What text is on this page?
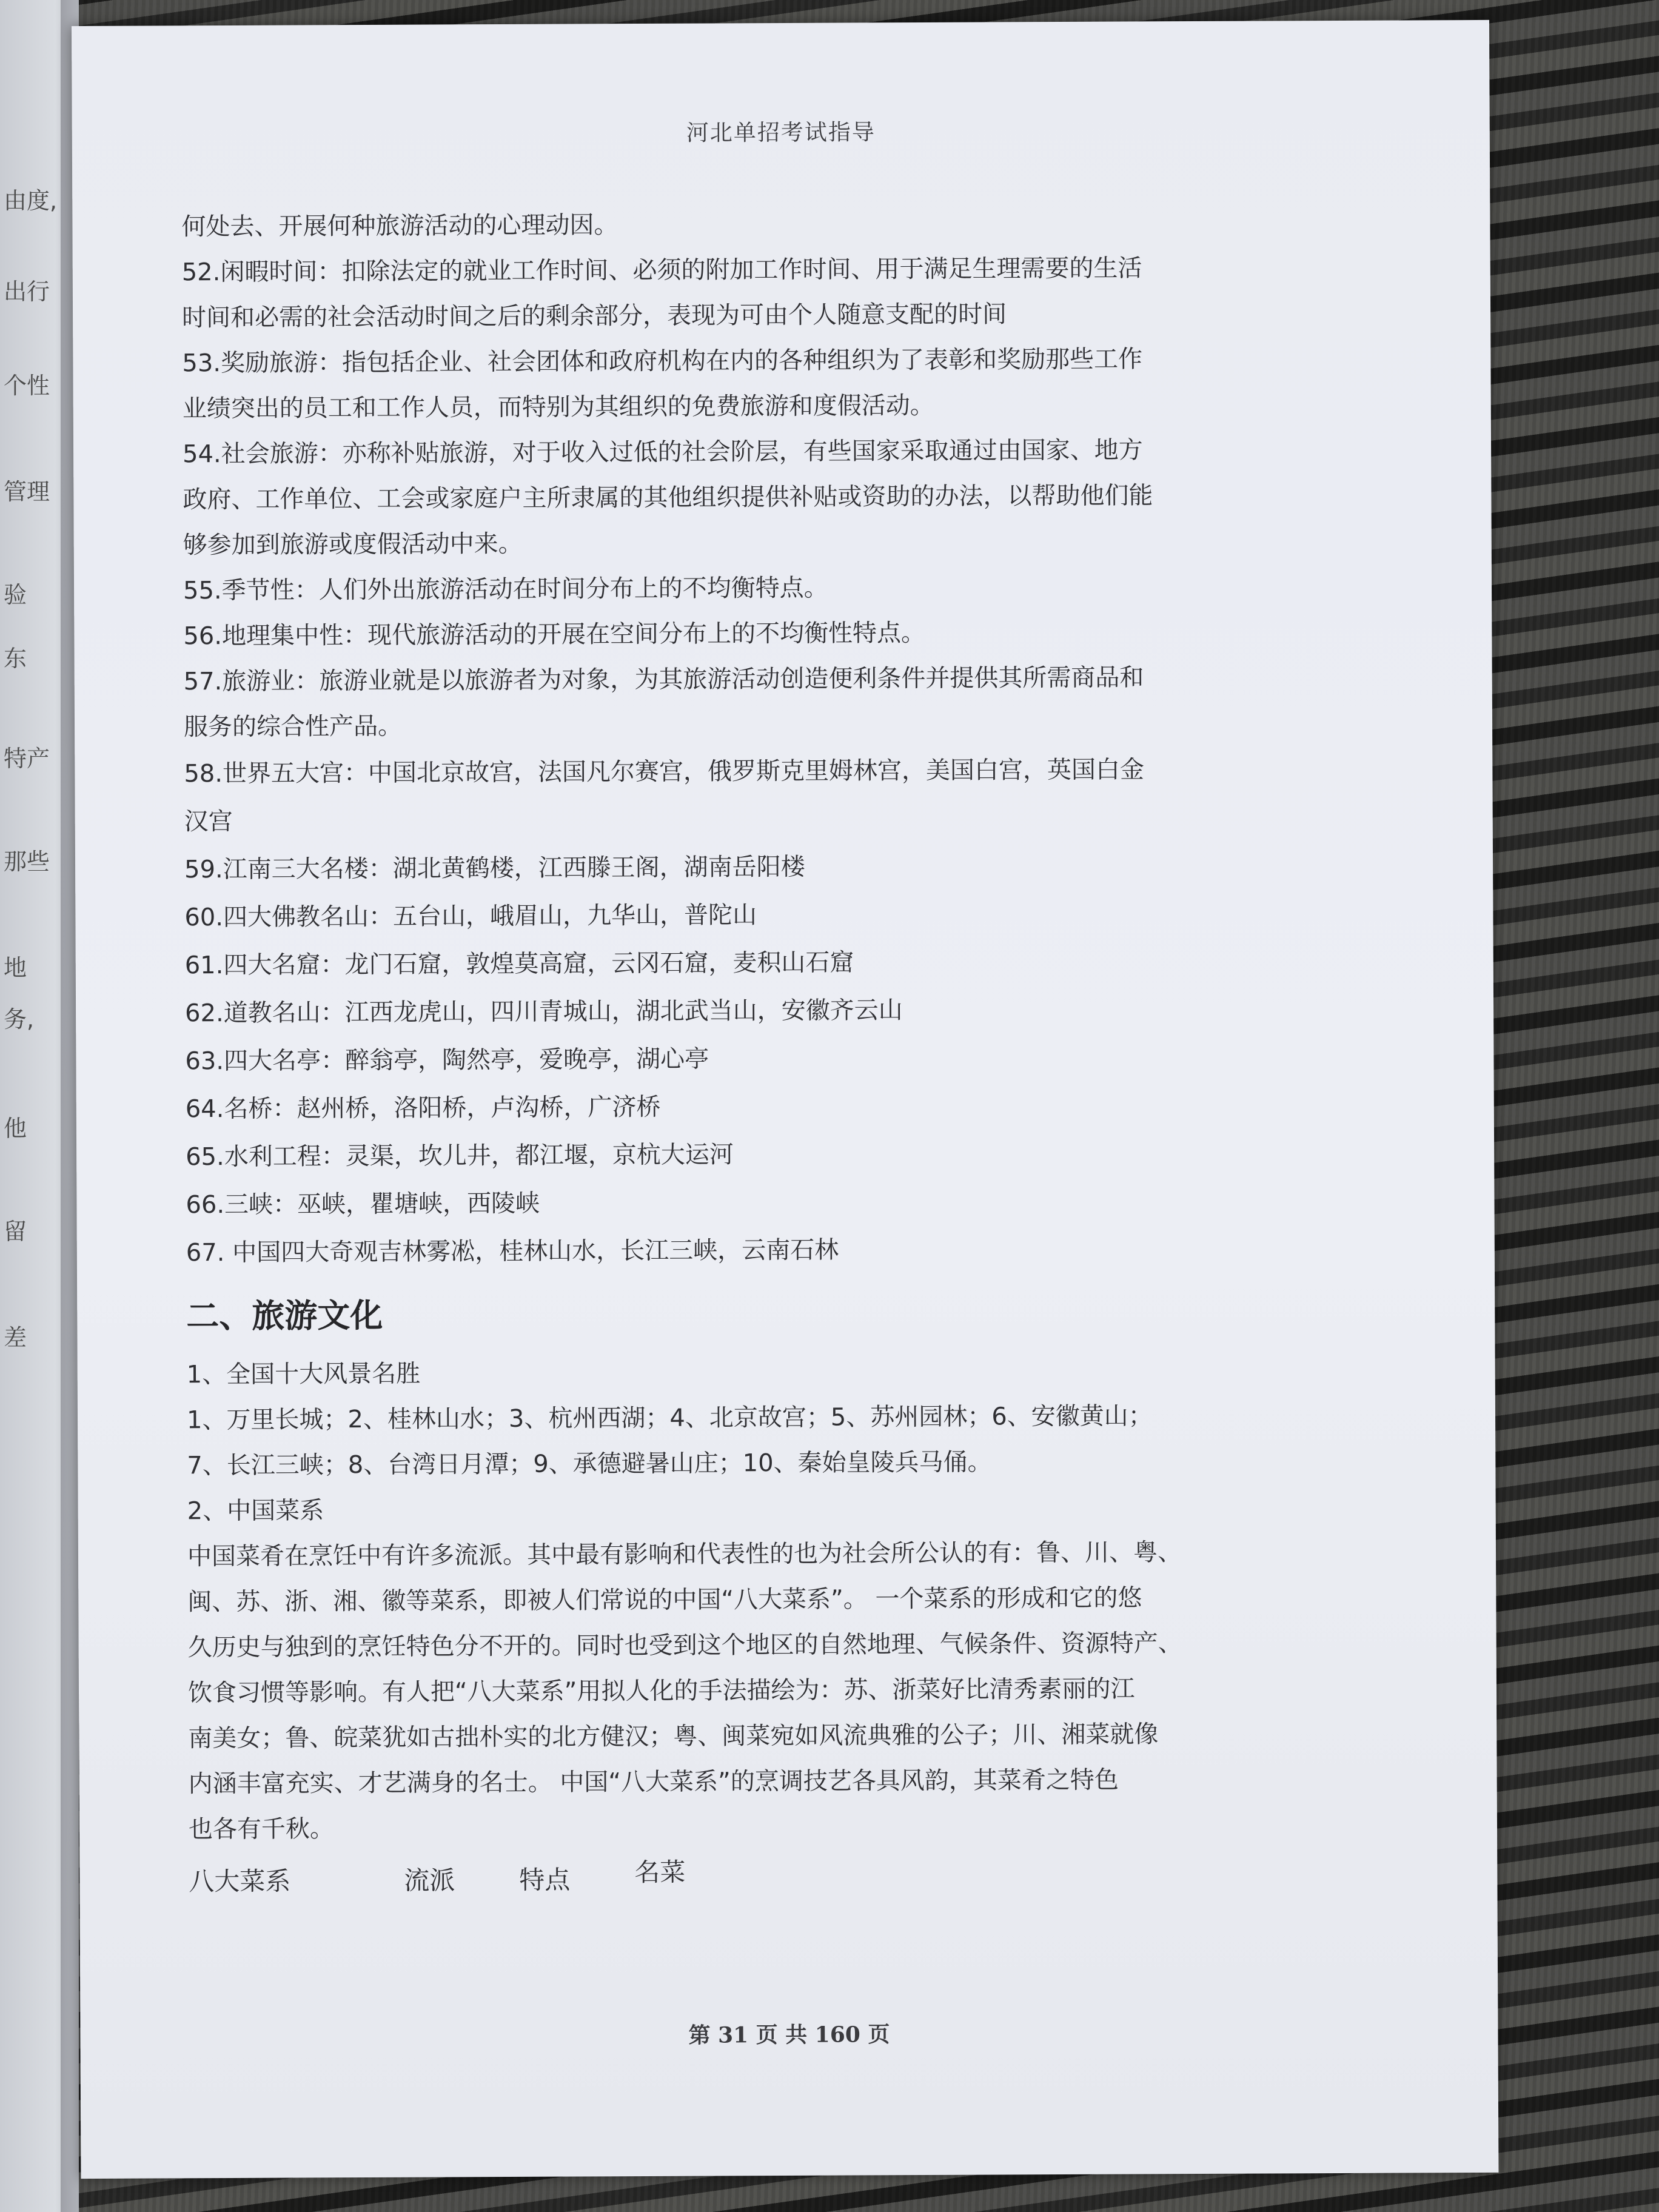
由度,
出行
个性
管理
验
东
特产
那些
地
务,
他
留
差
河北单招考试指导
何处去、开展何种旅游活动的心理动因。
52.闲暇时间：扣除法定的就业工作时间、必须的附加工作时间、用于满足生理需要的生活
时间和必需的社会活动时间之后的剩余部分，表现为可由个人随意支配的时间
53.奖励旅游：指包括企业、社会团体和政府机构在内的各种组织为了表彰和奖励那些工作
业绩突出的员工和工作人员，而特别为其组织的免费旅游和度假活动。
54.社会旅游：亦称补贴旅游，对于收入过低的社会阶层，有些国家采取通过由国家、地方
政府、工作单位、工会或家庭户主所隶属的其他组织提供补贴或资助的办法，以帮助他们能
够参加到旅游或度假活动中来。
55.季节性：人们外出旅游活动在时间分布上的不均衡特点。
56.地理集中性：现代旅游活动的开展在空间分布上的不均衡性特点。
57.旅游业：旅游业就是以旅游者为对象，为其旅游活动创造便利条件并提供其所需商品和
服务的综合性产品。
58.世界五大宫：中国北京故宫，法国凡尔赛宫，俄罗斯克里姆林宫，美国白宫，英国白金
汉宫
59.江南三大名楼：湖北黄鹤楼，江西滕王阁，湖南岳阳楼
60.四大佛教名山：五台山，峨眉山，九华山，普陀山
61.四大名窟：龙门石窟，敦煌莫高窟，云冈石窟，麦积山石窟
62.道教名山：江西龙虎山，四川青城山，湖北武当山，安徽齐云山
63.四大名亭：醉翁亭，陶然亭，爱晚亭，湖心亭
64.名桥：赵州桥，洛阳桥，卢沟桥，广济桥
65.水利工程：灵渠，坎儿井，都江堰，京杭大运河
66.三峡：巫峡，瞿塘峡，西陵峡
67. 中国四大奇观吉林雾凇，桂林山水，长江三峡，云南石林
二、旅游文化
1、全国十大风景名胜
1、万里长城；2、桂林山水；3、杭州西湖；4、北京故宫；5、苏州园林；6、安徽黄山；
7、长江三峡；8、台湾日月潭；9、承德避暑山庄；10、秦始皇陵兵马俑。
2、中国菜系
中国菜肴在烹饪中有许多流派。其中最有影响和代表性的也为社会所公认的有：鲁、川、粤、
闽、苏、浙、湘、徽等菜系，即被人们常说的中国“八大菜系”。 一个菜系的形成和它的悠
久历史与独到的烹饪特色分不开的。同时也受到这个地区的自然地理、气候条件、资源特产、
饮食习惯等影响。有人把“八大菜系”用拟人化的手法描绘为：苏、浙菜好比清秀素丽的江
南美女；鲁、皖菜犹如古拙朴实的北方健汉；粤、闽菜宛如风流典雅的公子；川、湘菜就像
内涵丰富充实、才艺满身的名士。 中国“八大菜系”的烹调技艺各具风韵，其菜肴之特色
也各有千秋。
八大菜系	流派	特点	名菜
第 31 页 共 160 页
